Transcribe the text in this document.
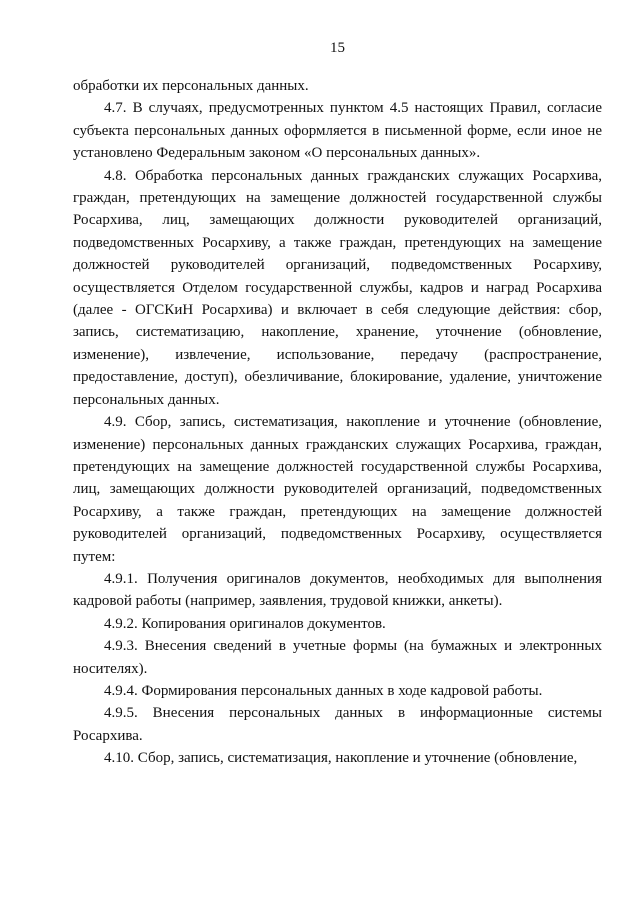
15

обработки их персональных данных.

4.7. В случаях, предусмотренных пунктом 4.5 настоящих Правил, согласие субъекта персональных данных оформляется в письменной форме, если иное не установлено Федеральным законом «О персональных данных».

4.8. Обработка персональных данных гражданских служащих Росархива, граждан, претендующих на замещение должностей государственной службы Росархива, лиц, замещающих должности руководителей организаций, подведомственных Росархиву, а также граждан, претендующих на замещение должностей руководителей организаций, подведомственных Росархиву, осуществляется Отделом государственной службы, кадров и наград Росархива (далее - ОГСКиН Росархива) и включает в себя следующие действия: сбор, запись, систематизацию, накопление, хранение, уточнение (обновление, изменение), извлечение, использование, передачу (распространение, предоставление, доступ), обезличивание, блокирование, удаление, уничтожение персональных данных.

4.9. Сбор, запись, систематизация, накопление и уточнение (обновление, изменение) персональных данных гражданских служащих Росархива, граждан, претендующих на замещение должностей государственной службы Росархива, лиц, замещающих должности руководителей организаций, подведомственных Росархиву, а также граждан, претендующих на замещение должностей руководителей организаций, подведомственных Росархиву, осуществляется путем:

4.9.1. Получения оригиналов документов, необходимых для выполнения кадровой работы (например, заявления, трудовой книжки, анкеты).

4.9.2. Копирования оригиналов документов.

4.9.3. Внесения сведений в учетные формы (на бумажных и электронных носителях).

4.9.4. Формирования персональных данных в ходе кадровой работы.

4.9.5. Внесения персональных данных в информационные системы Росархива.

4.10. Сбор, запись, систематизация, накопление и уточнение (обновление,
